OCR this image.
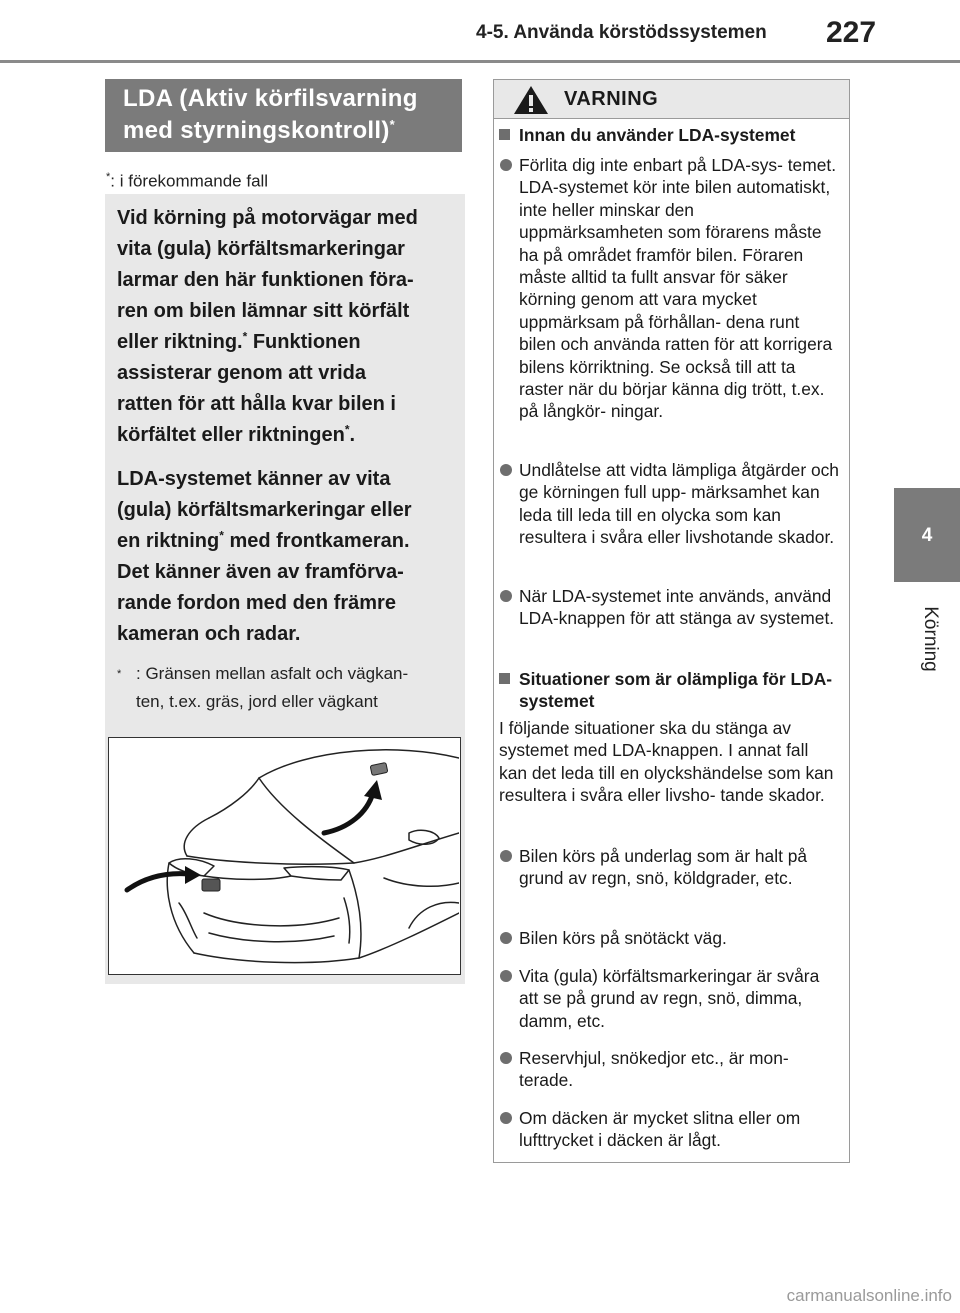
4-5. Använda körstödssystemen 227
4
Körning
LDA (Aktiv körfilsvarning
med styrningskontroll)*
*: i förekommande fall
Vid körning på motorvägar med
vita (gula) körfältsmarkeringar
larmar den här funktionen föra-
ren om bilen lämnar sitt körfält
eller riktning.* Funktionen
assisterar genom att vrida
ratten för att hålla kvar bilen i
körfältet eller riktningen*.
LDA-systemet känner av vita
(gula) körfältsmarkeringar eller
en riktning* med frontkameran.
Det känner även av framförva-
rande fordon med den främre
kameran och radar.
* : Gränsen mellan asfalt och vägkan-
ten, t.ex. gräs, jord eller vägkant
VARNING
Innan du använder LDA-systemet
Förlita dig inte enbart på LDA-sys- temet. LDA-systemet kör inte bilen automatiskt, inte heller minskar den uppmärksamheten som förarens måste ha på området framför bilen. Föraren måste alltid ta fullt ansvar för säker körning genom att vara mycket uppmärksam på förhållan- dena runt bilen och använda ratten för att korrigera bilens körriktning. Se också till att ta raster när du börjar känna dig trött, t.ex. på långkör- ningar.
Undlåtelse att vidta lämpliga åtgärder och ge körningen full upp- märksamhet kan leda till leda till en olycka som kan resultera i svåra eller livshotande skador.
När LDA-systemet inte används, använd LDA-knappen för att stänga av systemet.
Situationer som är olämpliga för LDA-systemet
I följande situationer ska du stänga av systemet med LDA-knappen. I annat fall kan det leda till en olyckshändelse som kan resultera i svåra eller livsho- tande skador.
Bilen körs på underlag som är halt på grund av regn, snö, köldgrader, etc.
Bilen körs på snötäckt väg.
Vita (gula) körfältsmarkeringar är svåra att se på grund av regn, snö, dimma, damm, etc.
Reservhjul, snökedjor etc., är mon- terade.
Om däcken är mycket slitna eller om lufttrycket i däcken är lågt.
carmanualsonline.info
